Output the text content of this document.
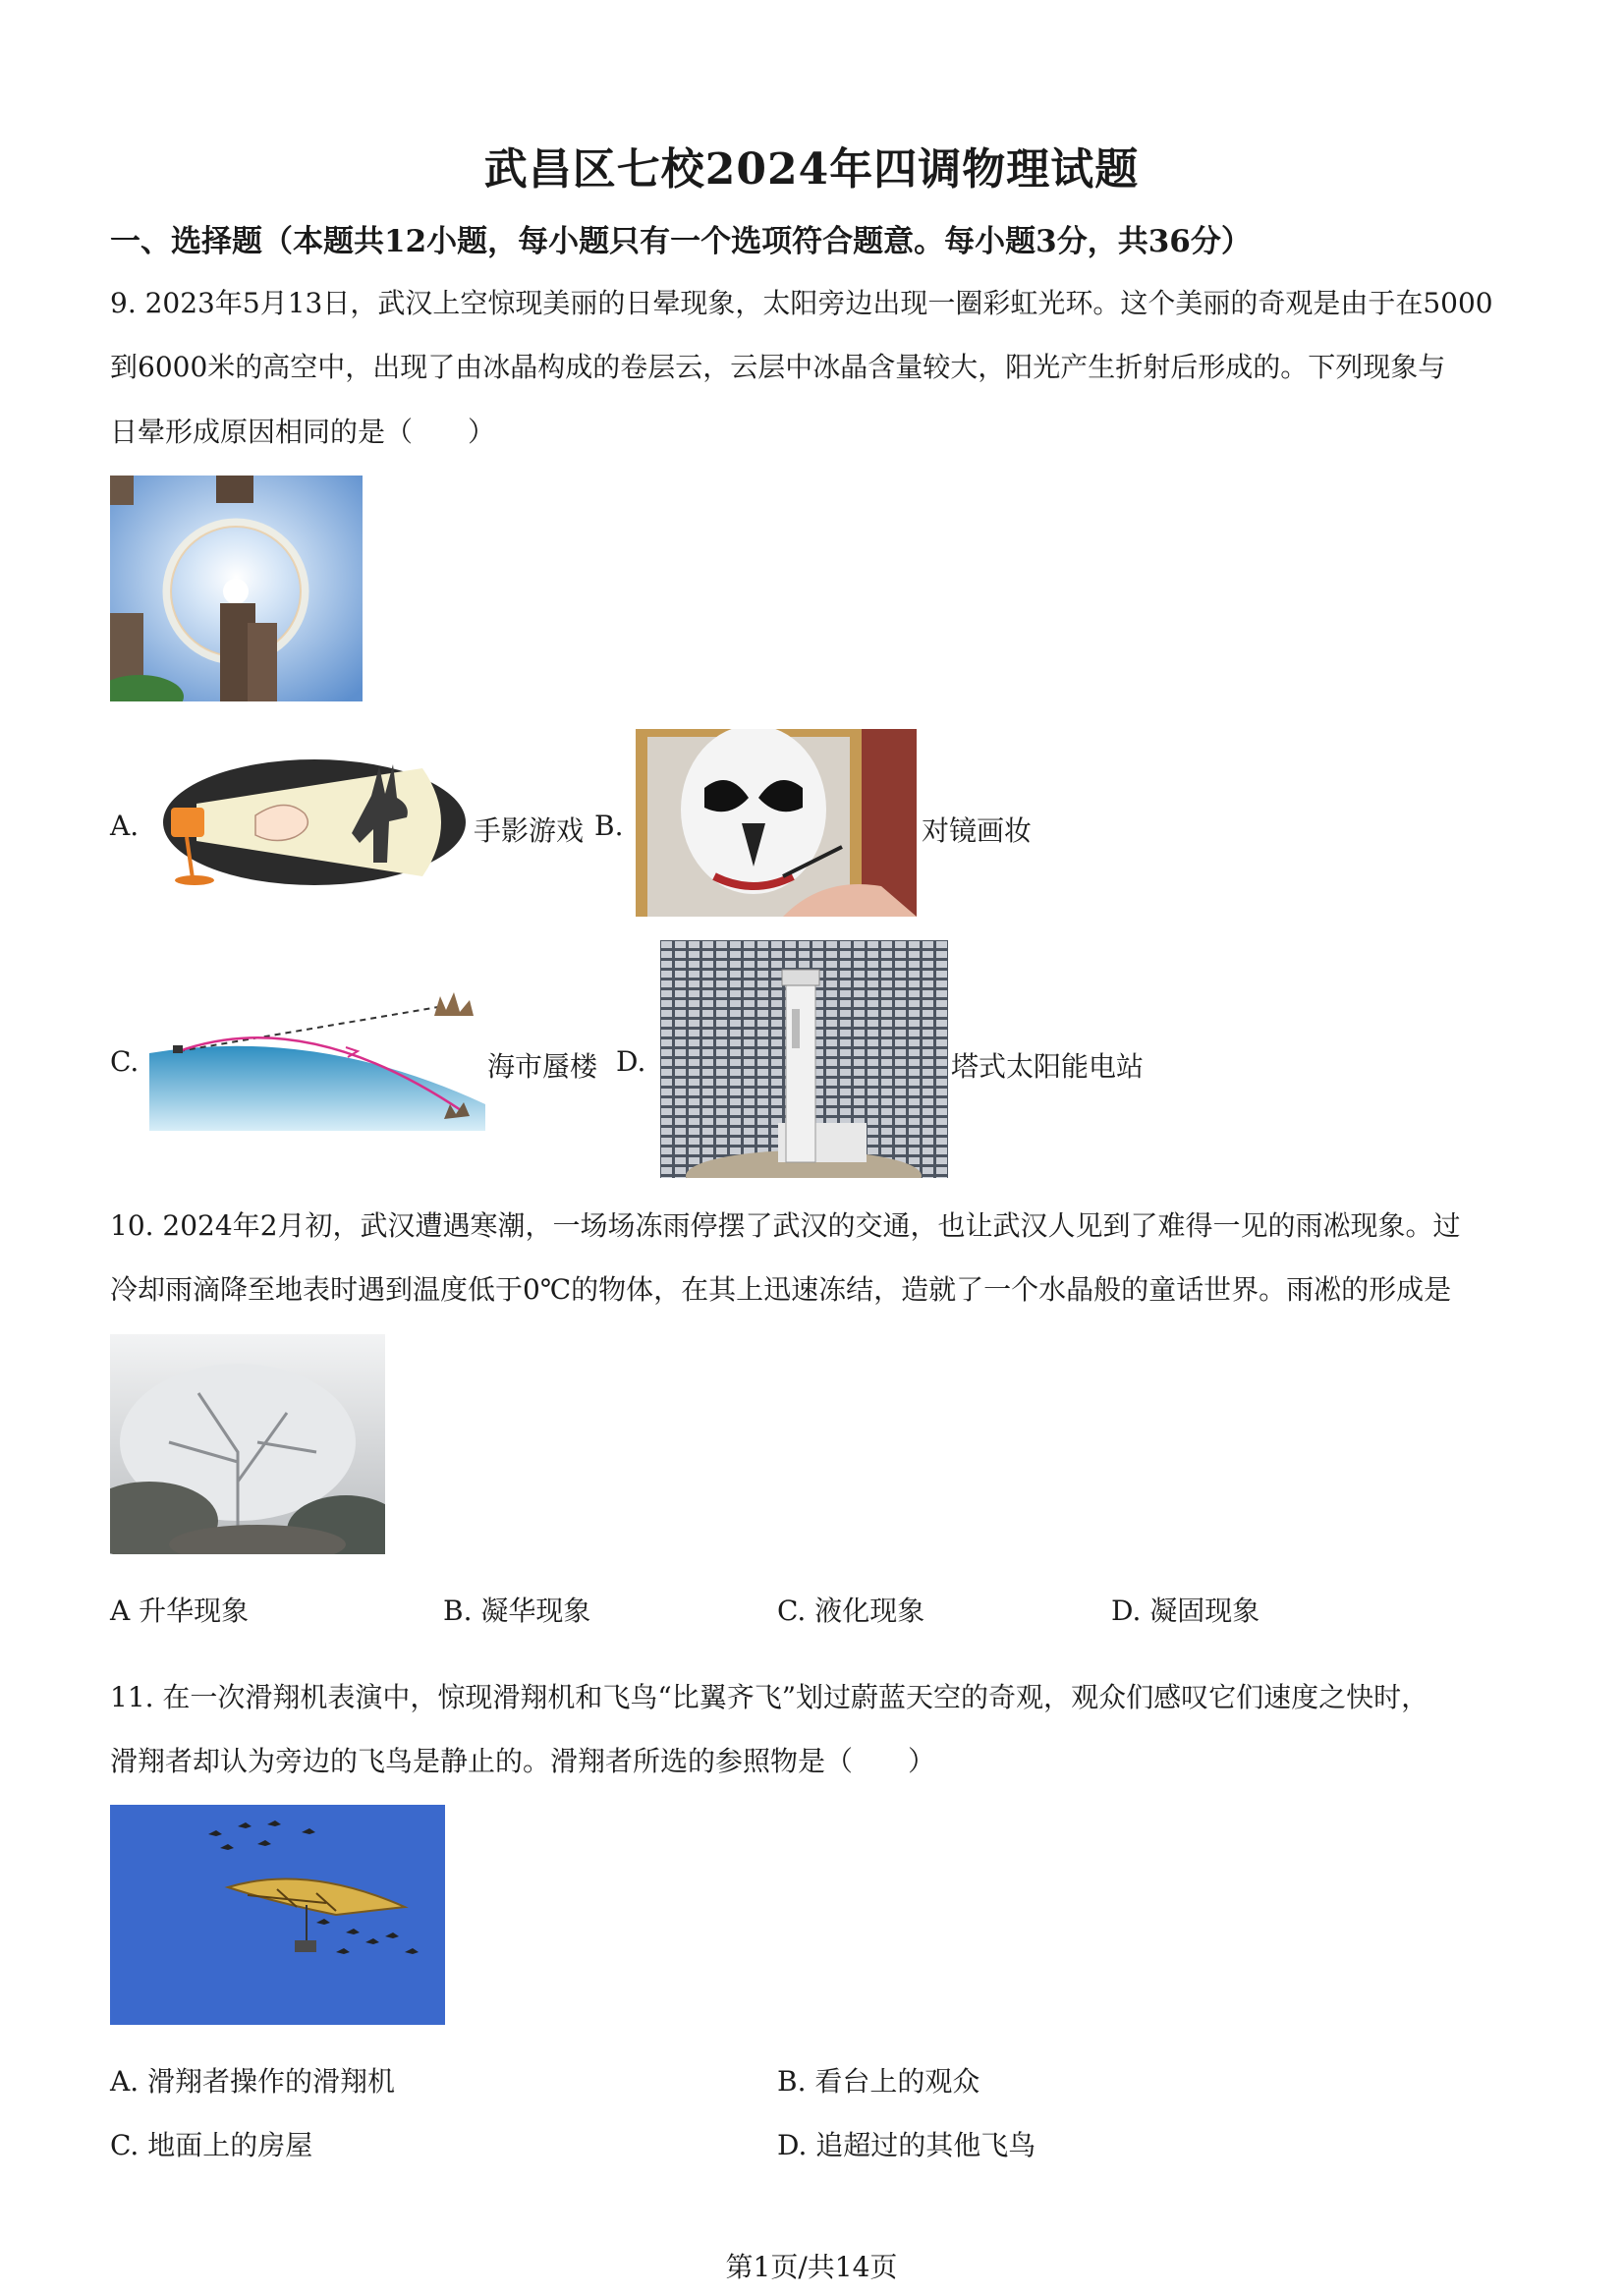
武昌区七校2024年四调物理试题
一、选择题（本题共12小题，每小题只有一个选项符合题意。每小题3分，共36分）
9. 2023年5月13日，武汉上空惊现美丽的日晕现象，太阳旁边出现一圈彩虹光环。这个美丽的奇观是由于在5000
到6000米的高空中，出现了由冰晶构成的卷层云，云层中冰晶含量较大，阳光产生折射后形成的。下列现象与
日晕形成原因相同的是（　　）
A.	手影游戏 B.	对镜画妆
C.	海市蜃楼 D.	塔式太阳能电站
10. 2024年2月初，武汉遭遇寒潮，一场场冻雨停摆了武汉的交通，也让武汉人见到了难得一见的雨凇现象。过
冷却雨滴降至地表时遇到温度低于0℃的物体，在其上迅速冻结，造就了一个水晶般的童话世界。雨凇的形成是
A 升华现象	B. 凝华现象	C. 液化现象	D. 凝固现象
11. 在一次滑翔机表演中，惊现滑翔机和飞鸟“比翼齐飞”划过蔚蓝天空的奇观，观众们感叹它们速度之快时，
滑翔者却认为旁边的飞鸟是静止的。滑翔者所选的参照物是（　　）
A. 滑翔者操作的滑翔机	B. 看台上的观众
C. 地面上的房屋	D. 追超过的其他飞鸟
第1页/共14页
